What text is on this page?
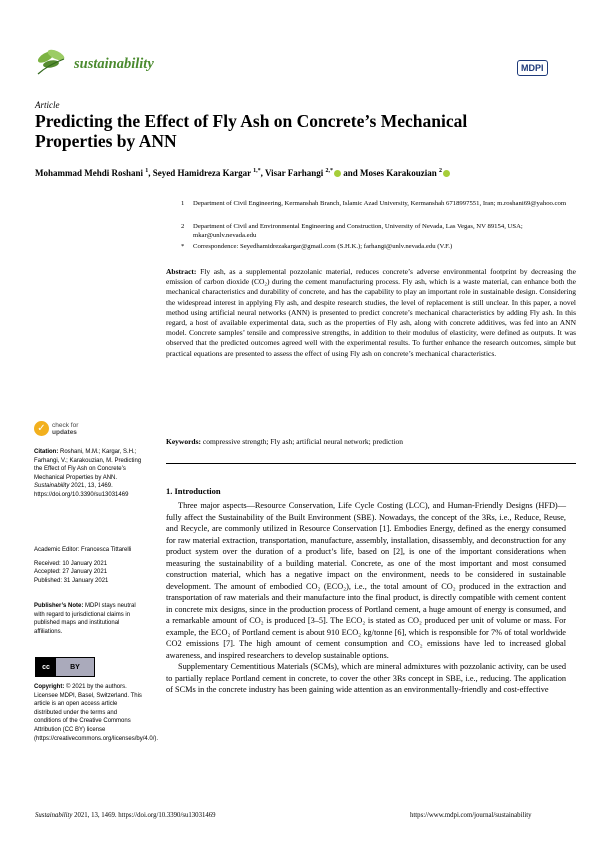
sustainability	MDPI
Article
Predicting the Effect of Fly Ash on Concrete’s Mechanical Properties by ANN
Mohammad Mehdi Roshani $^1$, Seyed Hamidreza Kargar $^{1,*}$, Visar Farhangi $^{2,*}$ and Moses Karakouzian $^2$
1 Department of Civil Engineering, Kermanshah Branch, Islamic Azad University, Kermanshah 6718997551, Iran; m.roshani69@yahoo.com
2 Department of Civil and Environmental Engineering and Construction, University of Nevada, Las Vegas, NV 89154, USA; mkar@unlv.nevada.edu
* Correspondence: Seyedhamidrezakargar@gmail.com (S.H.K.); farhangi@unlv.nevada.edu (V.F.)
Abstract: Fly ash, as a supplemental pozzolanic material, reduces concrete’s adverse environmental footprint by decreasing the emission of carbon dioxide (CO₂) during the cement manufacturing process. Fly ash, which is a waste material, can enhance both the mechanical characteristics and durability of concrete, and has the capability to play an important role in sustainable design. Considering the widespread interest in applying Fly ash, and despite research studies, the level of replacement is still unclear. In this paper, a novel method using artificial neural networks (ANN) is presented to predict concrete’s mechanical characteristics by adding Fly ash. In this regard, a host of available experimental data, such as the properties of Fly ash, along with concrete additives, was fed into an ANN model. Concrete samples’ tensile and compressive strengths, in addition to their modulus of elasticity, were defined as outputs. It was observed that the predicted outcomes agreed well with the experimental results. To further enhance the research outcomes, simple but practical equations are presented to assess the effect of using Fly ash on concrete’s mechanical characteristics.
Keywords: compressive strength; Fly ash; artificial neural network; prediction
✓ check for
updates
Citation: Roshani, M.M.; Kargar, S.H.; Farhangi, V.; Karakouzian, M. Predicting the Effect of Fly Ash on Concrete’s Mechanical Properties by ANN. Sustainability 2021, 13, 1469. https://doi.org/10.3390/su13031469
Academic Editor: Francesca Tittarelli
Received: 10 January 2021
Accepted: 27 January 2021
Published: 31 January 2021
Publisher’s Note: MDPI stays neutral with regard to jurisdictional claims in published maps and institutional affiliations.
cc	BY
Copyright: © 2021 by the authors. Licensee MDPI, Basel, Switzerland. This article is an open access article distributed under the terms and conditions of the Creative Commons Attribution (CC BY) license (https://creativecommons.org/licenses/by/4.0/).
1. Introduction

Three major aspects—Resource Conservation, Life Cycle Costing (LCC), and Human-Friendly Designs (HFD)—fully affect the Sustainability of the Built Environment (SBE). Nowadays, the concept of the 3Rs, i.e., Reduce, Reuse, and Recycle, are commonly utilized in Resource Conservation [1]. Embodies Energy, defined as the energy consumed for raw material extraction, transportation, manufacture, assembly, installation, disassembly, and deconstruction for any product system over the duration of a product’s life, based on [2], is one of the important considerations when measuring the sustainability of a building material. Concrete, as one of the most important and most consumed construction material, which has a negative impact on the environment, needs to be considered in sustainable development. The amount of embodied CO₂ (ECO₂), i.e., the total amount of CO₂ produced in the extraction and transportation of raw materials and their manufacture into the final product, is directly compatible with cement content in concrete mix designs, since in the production process of Portland cement, a huge amount of energy is consumed, and a remarkable amount of CO₂ is produced [3–5]. The ECO₂ is stated as CO₂ produced per unit of volume or mass. For example, the ECO₂ of Portland cement is about 910 ECO₂ kg/tonne [6], which is responsible for 7% of total worldwide CO2 emissions [7]. The high amount of cement consumption and CO₂ emissions have led to increased global awareness, and inspired researchers to develop sustainable options.

Supplementary Cementitious Materials (SCMs), which are mineral admixtures with pozzolanic activity, can be used to partially replace Portland cement in concrete, to cover the other 3Rs concept in SBE, i.e., reducing. The application of SCMs in the concrete industry has been gaining wide attention as an environmentally-friendly and cost-effective

Sustainability 2021, 13, 1469. https://doi.org/10.3390/su13031469	https://www.mdpi.com/journal/sustainability
